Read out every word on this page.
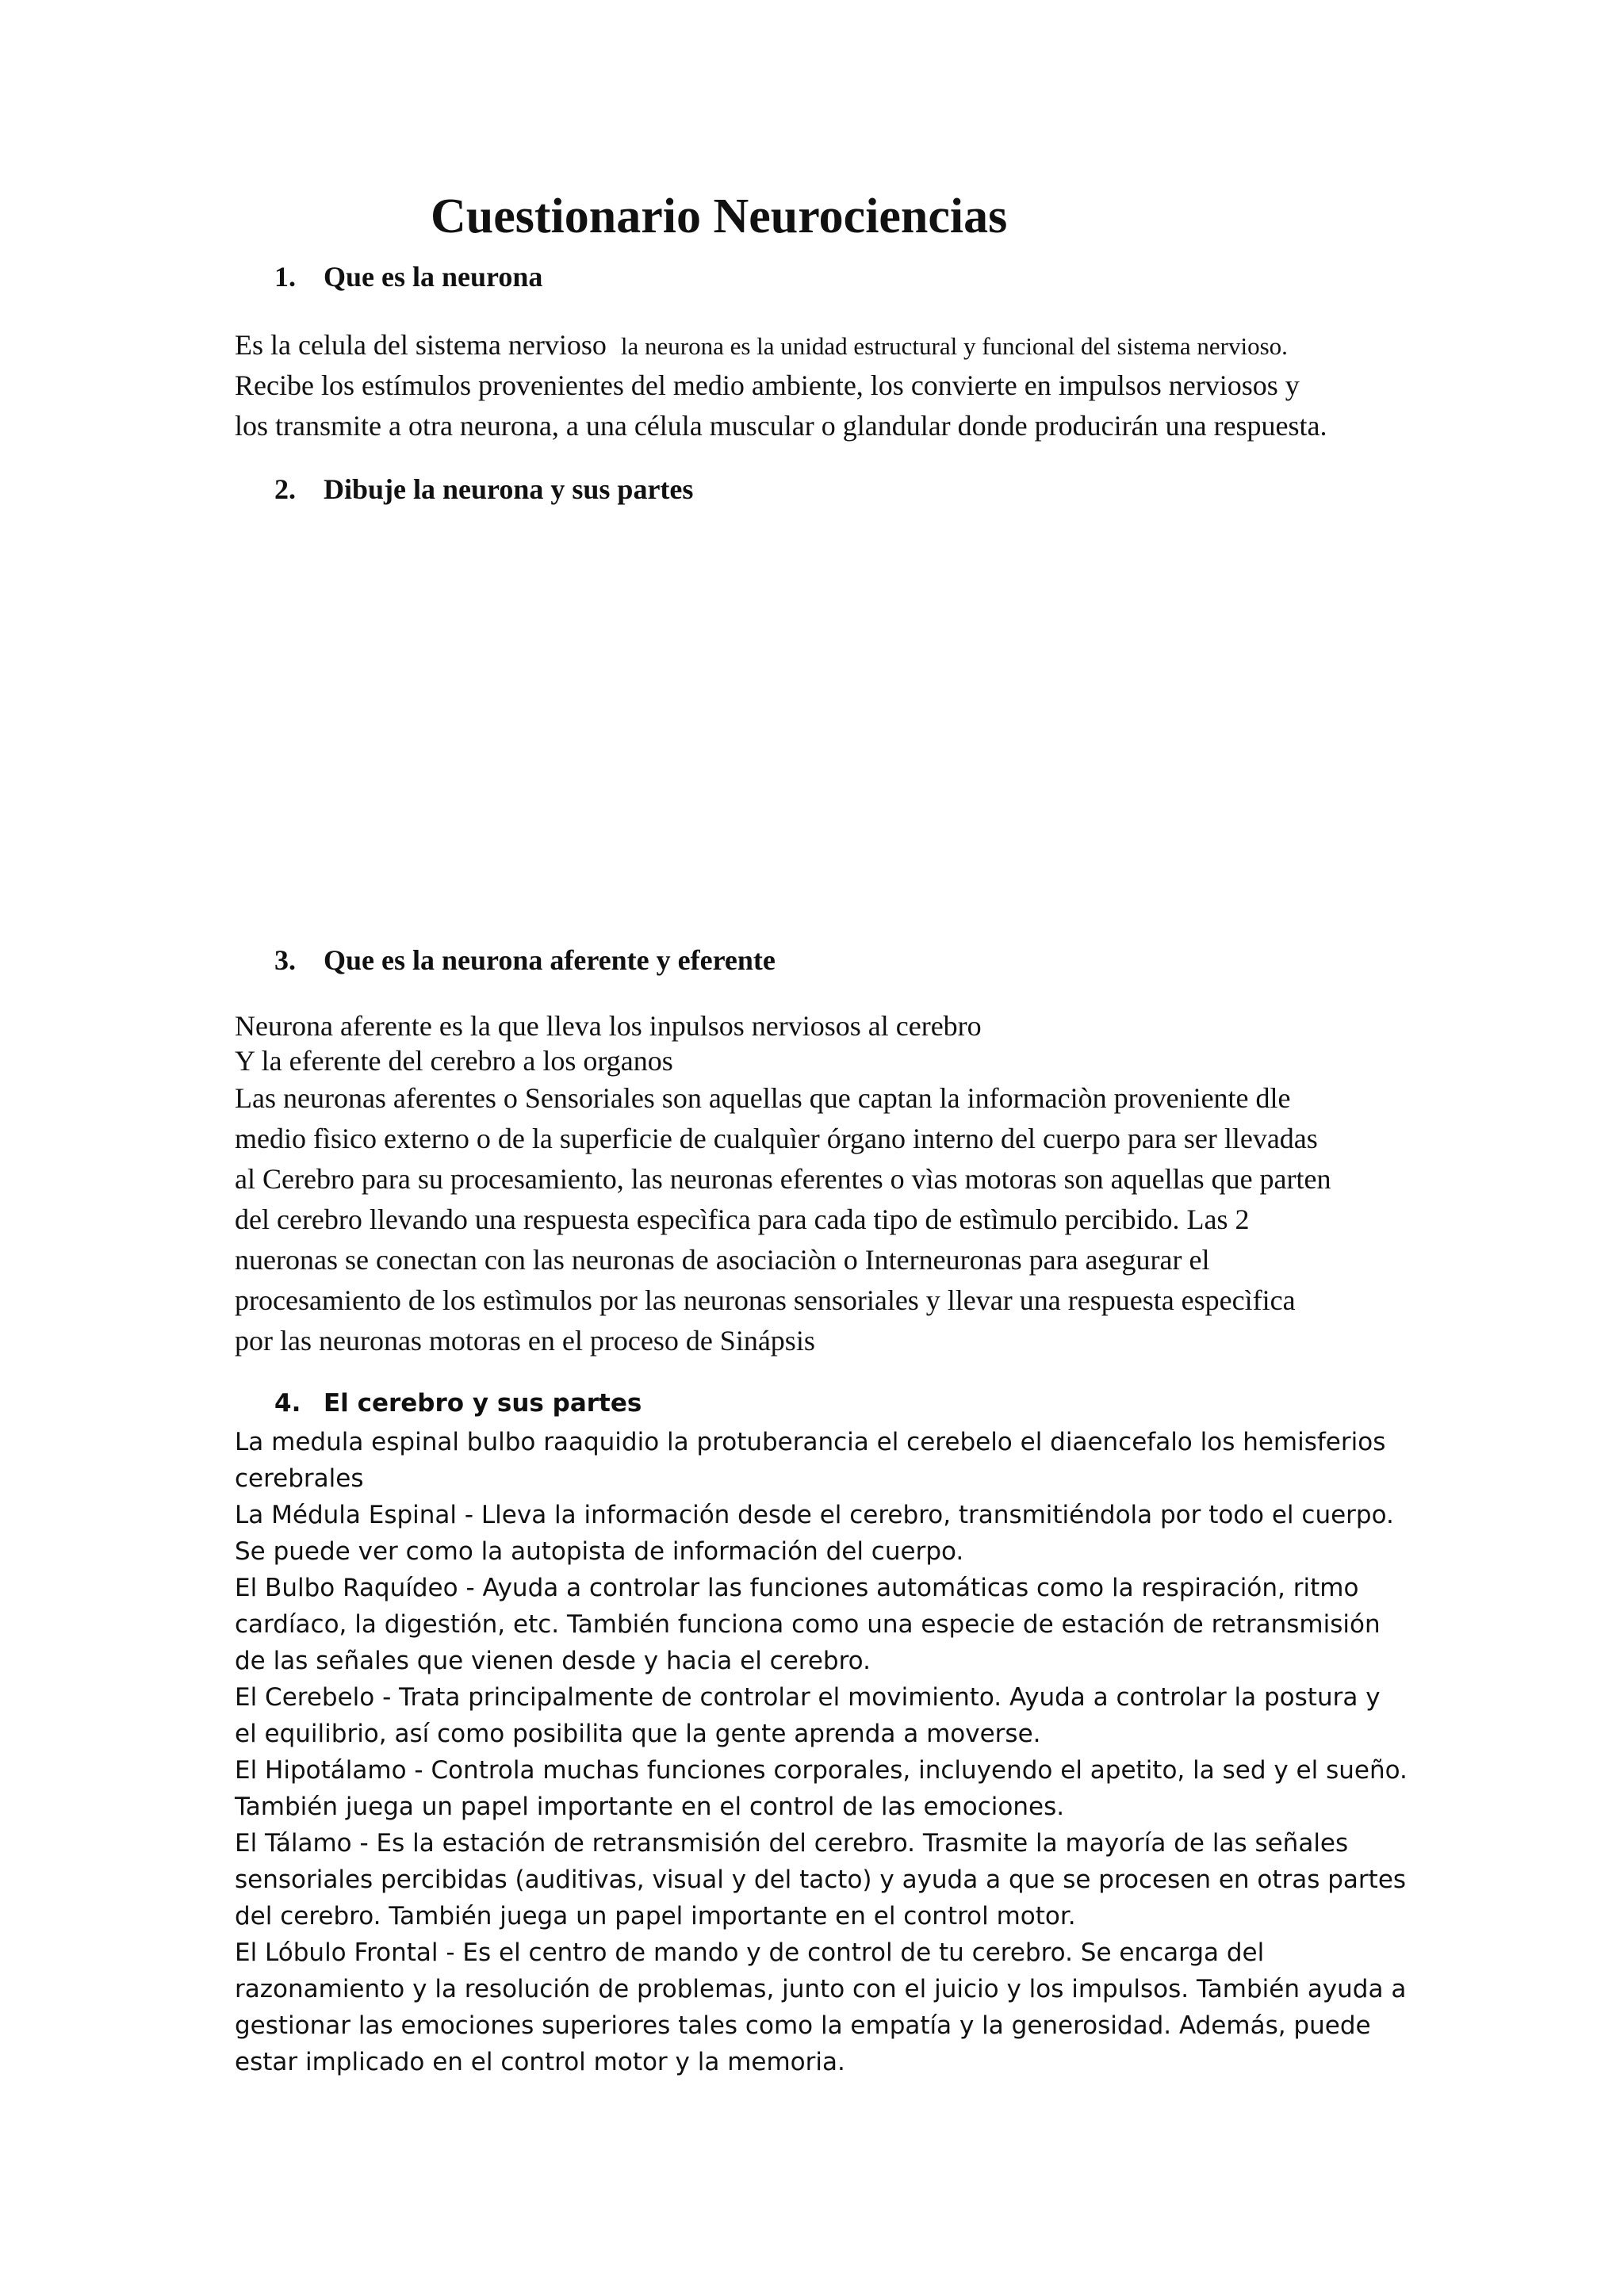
Cuestionario Neurociencias
1. Que es la neurona
Es la celula del sistema nervioso la neurona es la unidad estructural y funcional del sistema nervioso.
Recibe los estímulos provenientes del medio ambiente, los convierte en impulsos nerviosos y
los transmite a otra neurona, a una célula muscular o glandular donde producirán una respuesta.
2. Dibuje la neurona y sus partes
3. Que es la neurona aferente y eferente
Neurona aferente es la que lleva los inpulsos nerviosos al cerebro
Y la eferente del cerebro a los organos
Las neuronas aferentes o Sensoriales son aquellas que captan la informaciòn proveniente dle
medio fìsico externo o de la superficie de cualquìer órgano interno del cuerpo para ser llevadas
al Cerebro para su procesamiento, las neuronas eferentes o vìas motoras son aquellas que parten
del cerebro llevando una respuesta especìfica para cada tipo de estìmulo percibido. Las 2
nueronas se conectan con las neuronas de asociaciòn o Interneuronas para asegurar el
procesamiento de los estìmulos por las neuronas sensoriales y llevar una respuesta especìfica
por las neuronas motoras en el proceso de Sinápsis
4. El cerebro y sus partes
La medula espinal bulbo raaquidio la protuberancia el cerebelo el diaencefalo los hemisferios
cerebrales
La Médula Espinal - Lleva la información desde el cerebro, transmitiéndola por todo el cuerpo.
Se puede ver como la autopista de información del cuerpo.
El Bulbo Raquídeo - Ayuda a controlar las funciones automáticas como la respiración, ritmo
cardíaco, la digestión, etc. También funciona como una especie de estación de retransmisión
de las señales que vienen desde y hacia el cerebro.
El Cerebelo - Trata principalmente de controlar el movimiento. Ayuda a controlar la postura y
el equilibrio, así como posibilita que la gente aprenda a moverse.
El Hipotálamo - Controla muchas funciones corporales, incluyendo el apetito, la sed y el sueño.
También juega un papel importante en el control de las emociones.
El Tálamo - Es la estación de retransmisión del cerebro. Trasmite la mayoría de las señales
sensoriales percibidas (auditivas, visual y del tacto) y ayuda a que se procesen en otras partes
del cerebro. También juega un papel importante en el control motor.
El Lóbulo Frontal - Es el centro de mando y de control de tu cerebro. Se encarga del
razonamiento y la resolución de problemas, junto con el juicio y los impulsos. También ayuda a
gestionar las emociones superiores tales como la empatía y la generosidad. Además, puede
estar implicado en el control motor y la memoria.
